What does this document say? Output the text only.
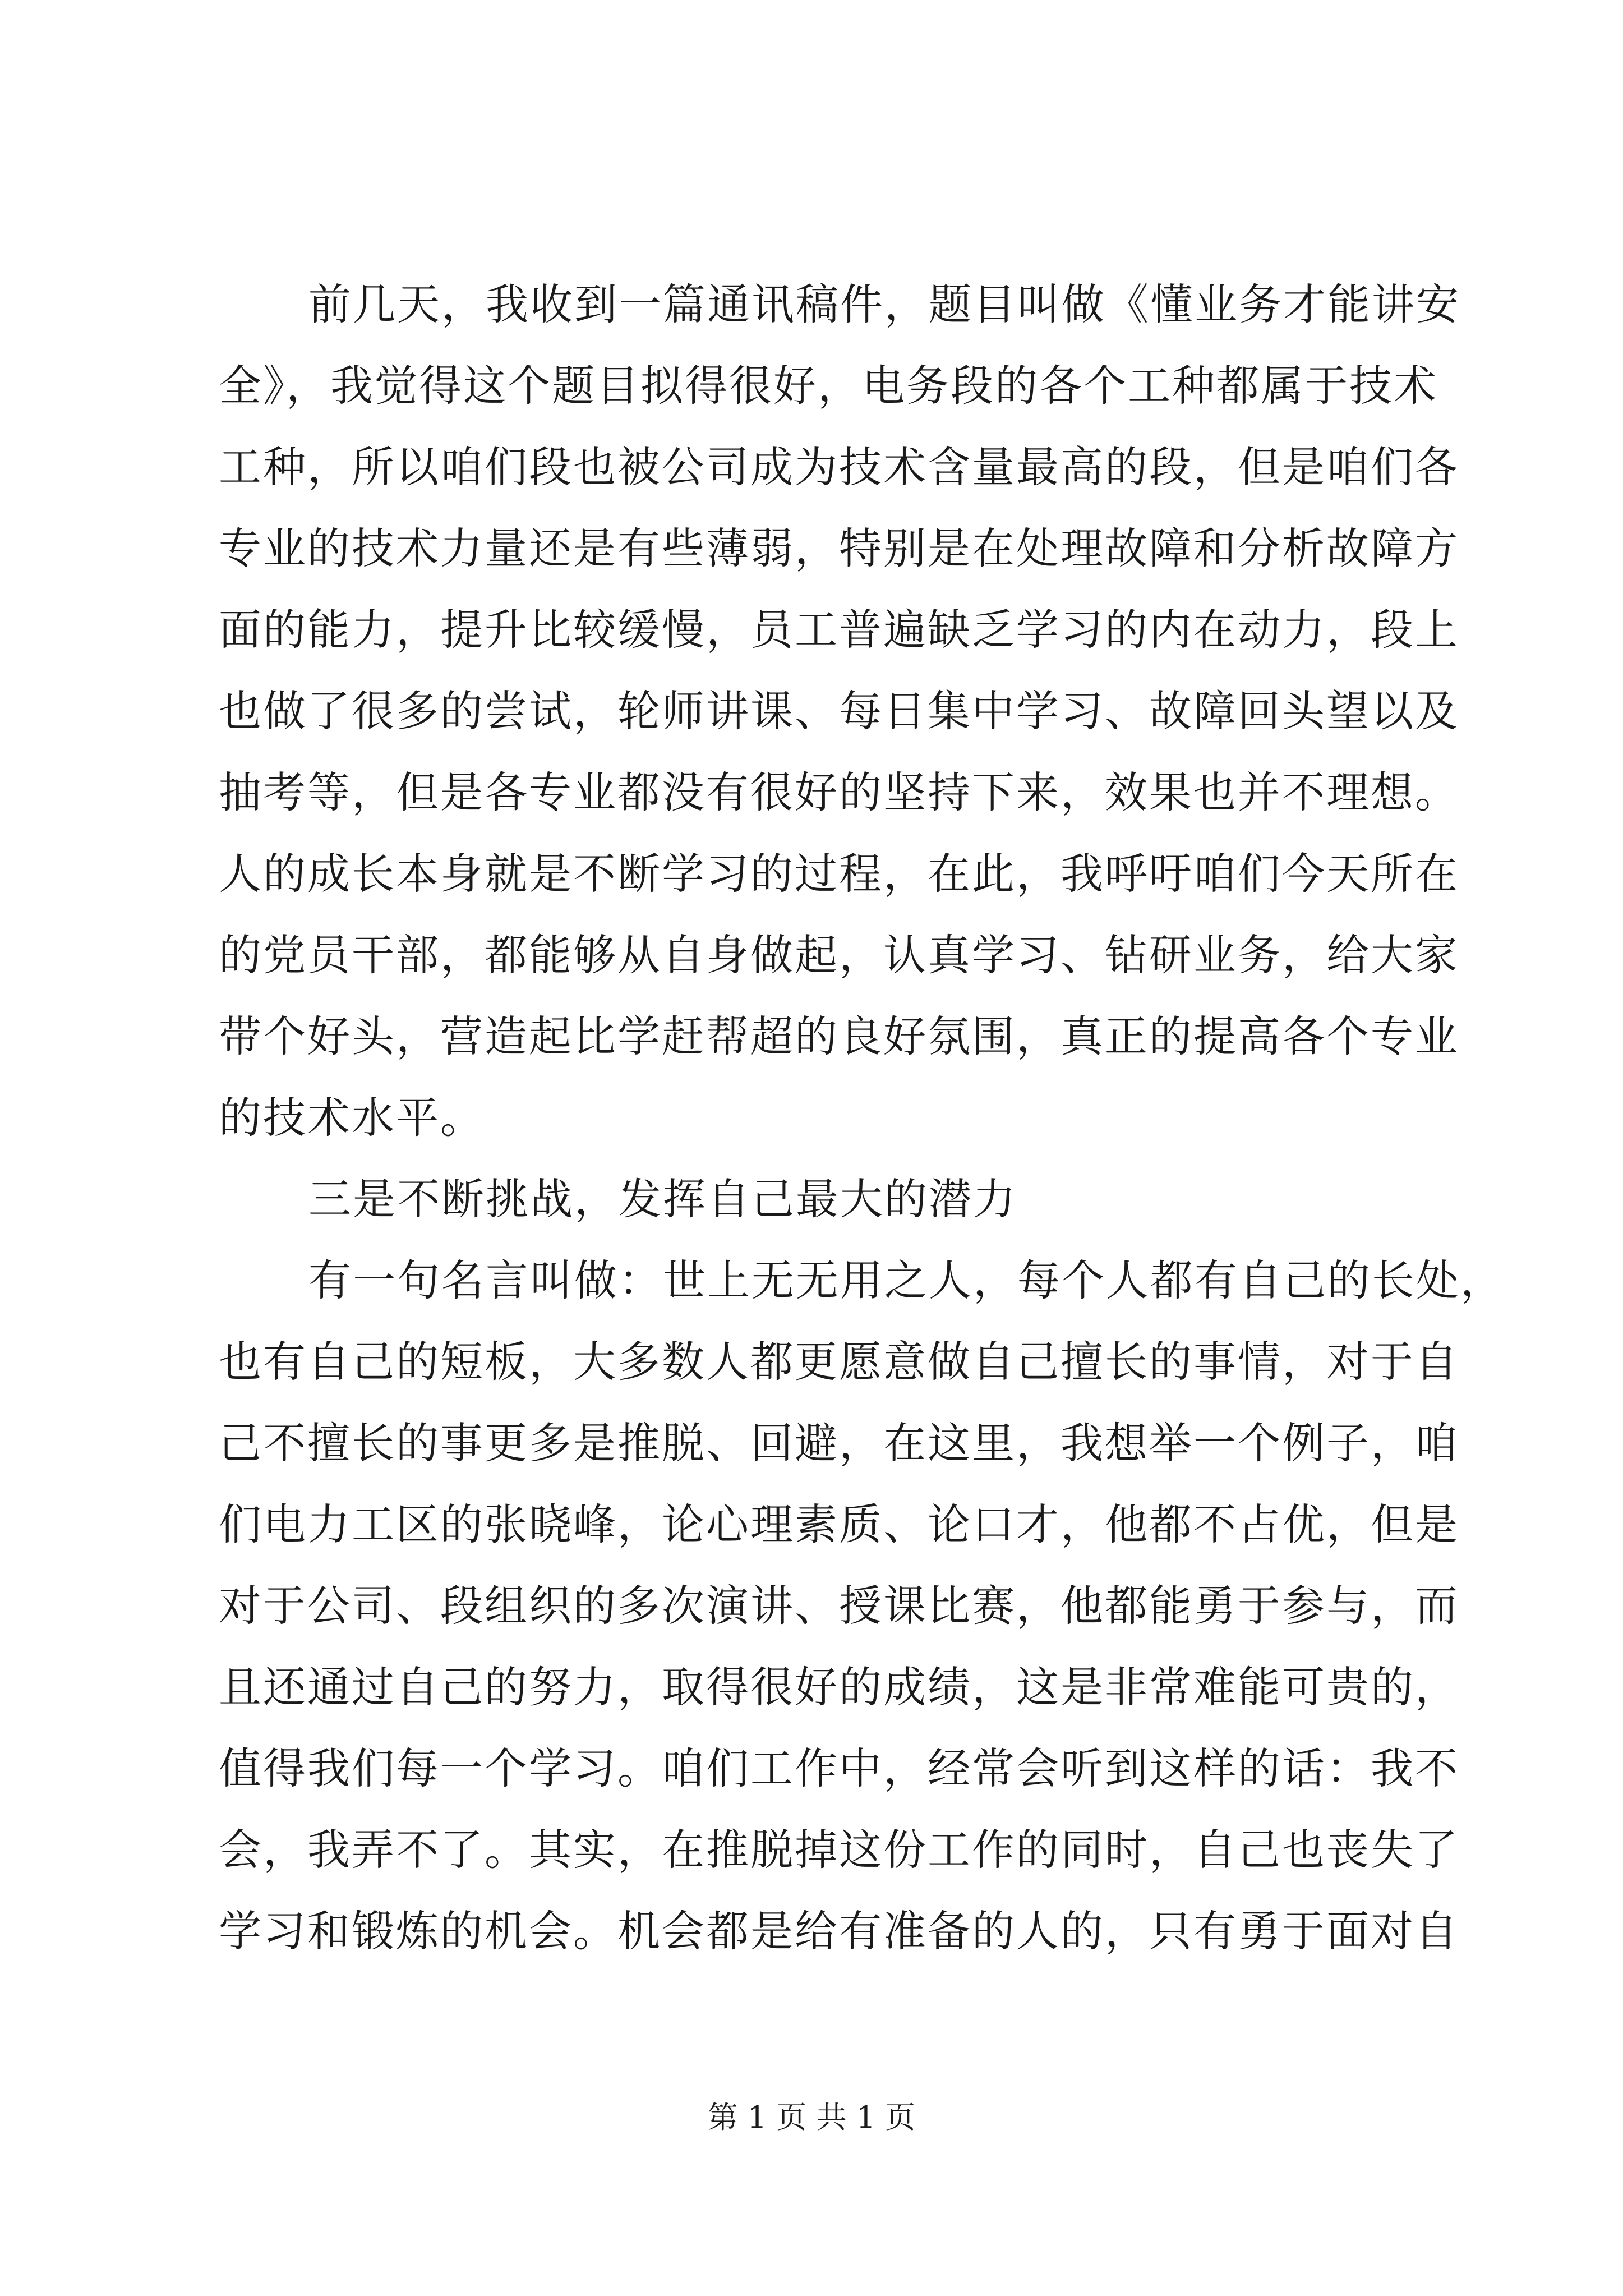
前几天，我收到一篇通讯稿件，题目叫做《懂业务才能讲安
全》，我觉得这个题目拟得很好，电务段的各个工种都属于技术
工种，所以咱们段也被公司成为技术含量最高的段，但是咱们各
专业的技术力量还是有些薄弱，特别是在处理故障和分析故障方
面的能力，提升比较缓慢，员工普遍缺乏学习的内在动力，段上
也做了很多的尝试，轮师讲课、每日集中学习、故障回头望以及
抽考等，但是各专业都没有很好的坚持下来，效果也并不理想。
人的成长本身就是不断学习的过程，在此，我呼吁咱们今天所在
的党员干部，都能够从自身做起，认真学习、钻研业务，给大家
带个好头，营造起比学赶帮超的良好氛围，真正的提高各个专业
的技术水平。
三是不断挑战，发挥自己最大的潜力
有一句名言叫做：世上无无用之人，每个人都有自己的长处，
也有自己的短板，大多数人都更愿意做自己擅长的事情，对于自
己不擅长的事更多是推脱、回避，在这里，我想举一个例子，咱
们电力工区的张晓峰，论心理素质、论口才，他都不占优，但是
对于公司、段组织的多次演讲、授课比赛，他都能勇于参与，而
且还通过自己的努力，取得很好的成绩，这是非常难能可贵的，
值得我们每一个学习。咱们工作中，经常会听到这样的话：我不
会，我弄不了。其实，在推脱掉这份工作的同时，自己也丧失了
学习和锻炼的机会。机会都是给有准备的人的，只有勇于面对自
第 1 页 共 1 页
